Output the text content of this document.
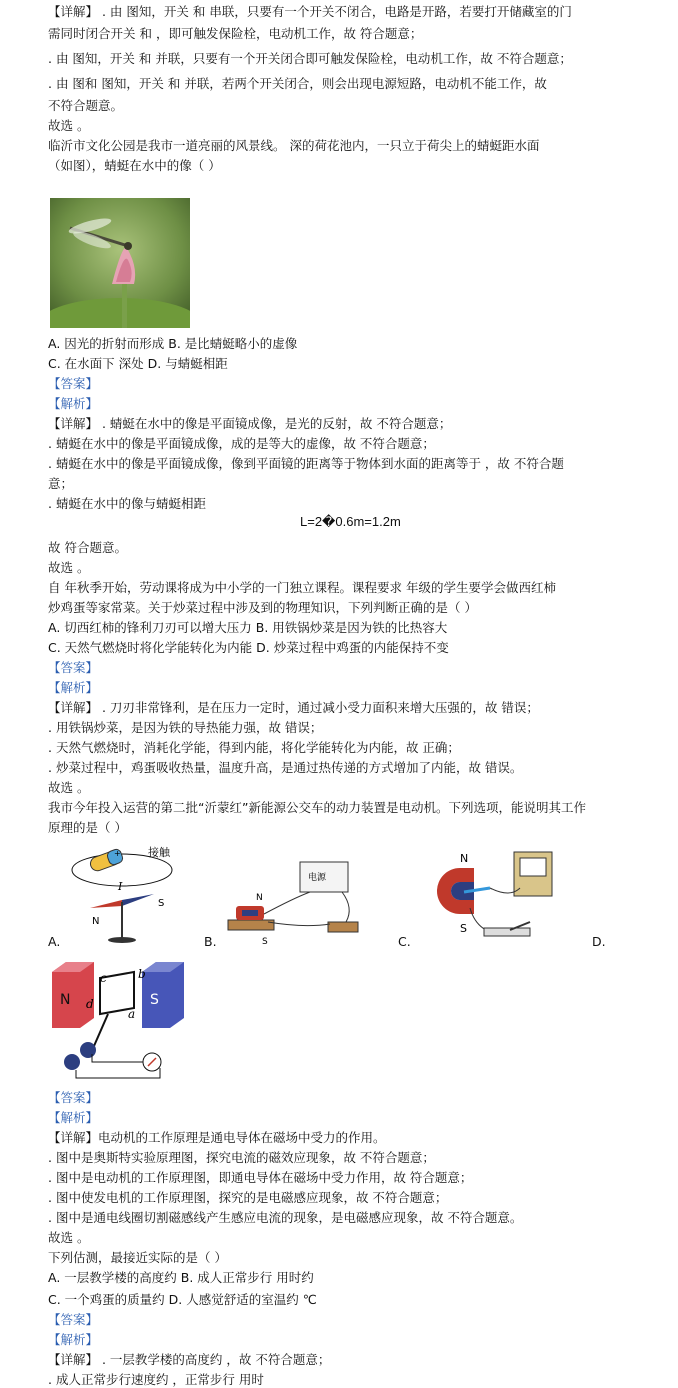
【详解】 . 由 图知，开关 和 串联，只要有一个开关不闭合，电路是开路，若要打开储藏室的门
需同时闭合开关 和 ，即可触发保险栓，电动机工作，故 符合题意；
. 由 图知，开关 和 并联，只要有一个开关闭合即可触发保险栓，电动机工作，故 不符合题意；
. 由 图和 图知，开关 和 并联，若两个开关闭合，则会出现电源短路，电动机不能工作，故
不符合题意。
故选 。
临沂市文化公园是我市一道亮丽的风景线。 深的荷花池内，一只立于荷尖上的蜻蜓距水面
（如图），蜻蜓在水中的像（ ）
A. 因光的折射而形成 B. 是比蜻蜓略小的虚像
C. 在水面下 深处 D. 与蜻蜓相距
【答案】
【解析】
【详解】 . 蜻蜓在水中的像是平面镜成像，是光的反射，故 不符合题意；
. 蜻蜓在水中的像是平面镜成像，成的是等大的虚像，故 不符合题意；
. 蜻蜓在水中的像是平面镜成像，像到平面镜的距离等于物体到水面的距离等于 ，故 不符合题
意；
. 蜻蜓在水中的像与蜻蜓相距
L=2�0.6m=1.2m
故 符合题意。
故选 。
自 年秋季开始，劳动课将成为中小学的一门独立课程。课程要求 年级的学生要学会做西红柿
炒鸡蛋等家常菜。关于炒菜过程中涉及到的物理知识，下列判断正确的是（ ）
A. 切西红柿的锋利刀刃可以增大压力 B. 用铁锅炒菜是因为铁的比热容大
C. 天然气燃烧时将化学能转化为内能 D. 炒菜过程中鸡蛋的内能保持不变
【答案】
【解析】
【详解】 . 刀刃非常锋利，是在压力一定时，通过减小受力面积来增大压强的，故 错误；
. 用铁锅炒菜，是因为铁的导热能力强，故 错误；
. 天然气燃烧时，消耗化学能，得到内能，将化学能转化为内能，故 正确；
. 炒菜过程中，鸡蛋吸收热量，温度升高，是通过热传递的方式增加了内能，故 错误。
故选 。
我市今年投入运营的第二批“沂蒙红”新能源公交车的动力装置是电动机。下列选项，能说明其工作
原理的是（ ）
+ 接触
I
N
S
电源
N
S
N
S
N	S
c	b
d
a
A.	B.	C.	D.
【答案】
【解析】
【详解】电动机的工作原理是通电导体在磁场中受力的作用。
. 图中是奥斯特实验原理图，探究电流的磁效应现象，故 不符合题意；
. 图中是电动机的工作原理图，即通电导体在磁场中受力作用，故 符合题意；
. 图中使发电机的工作原理图，探究的是电磁感应现象，故 不符合题意；
. 图中是通电线圈切割磁感线产生感应电流的现象，是电磁感应现象，故 不符合题意。
故选 。
下列估测，最接近实际的是（ ）
A. 一层教学楼的高度约 B. 成人正常步行 用时约
C. 一个鸡蛋的质量约 D. 人感觉舒适的室温约 ℃
【答案】
【解析】
【详解】 . 一层教学楼的高度约 ，故 不符合题意；
. 成人正常步行速度约 ，正常步行 用时
